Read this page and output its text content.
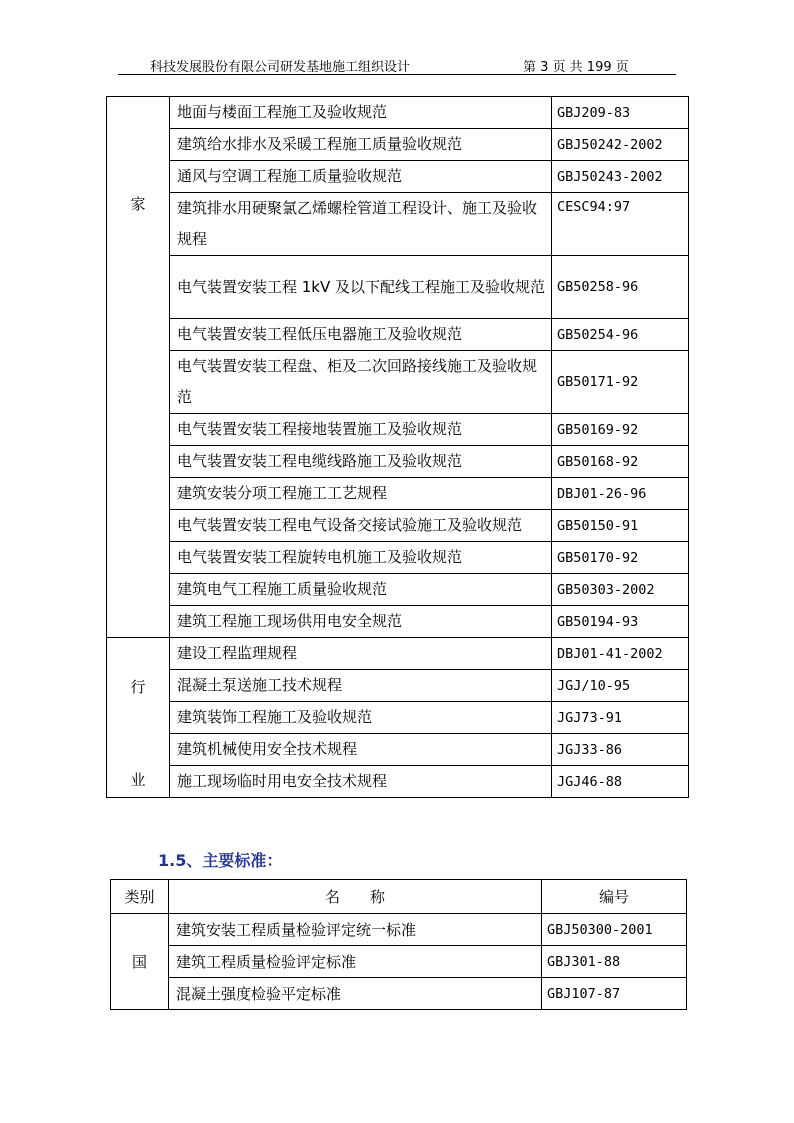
科技发展股份有限公司研发基地施工组织设计	第 3 页 共 199 页
家	地面与楼面工程施工及验收规范	GBJ209-83
	建筑给水排水及采暖工程施工质量验收规范	GBJ50242-2002
	通风与空调工程施工质量验收规范	GBJ50243-2002
	建筑排水用硬聚氯乙烯螺栓管道工程设计、施工及验收规程	CESC94:97
	电气装置安装工程 1kV 及以下配线工程施工及验收规范	GB50258-96
	电气装置安装工程低压电器施工及验收规范	GB50254-96
	电气装置安装工程盘、柜及二次回路接线施工及验收规范	GB50171-92
	电气装置安装工程接地装置施工及验收规范	GB50169-92
	电气装置安装工程电缆线路施工及验收规范	GB50168-92
	建筑安装分项工程施工工艺规程	DBJ01-26-96
	电气装置安装工程电气设备交接试验施工及验收规范	GB50150-91
	电气装置安装工程旋转电机施工及验收规范	GB50170-92
	建筑电气工程施工质量验收规范	GB50303-2002
	建筑工程施工现场供用电安全规范	GB50194-93

行
业	建设工程监理规程	DBJ01-41-2002
	混凝土泵送施工技术规程	JGJ/10-95
	建筑装饰工程施工及验收规范	JGJ73-91
	建筑机械使用安全技术规程	JGJ33-86
	施工现场临时用电安全技术规程	JGJ46-88
1.5、主要标准：
类别	名　　称	编号
国	建筑安装工程质量检验评定统一标准	GBJ50300-2001
	建筑工程质量检验评定标准	GBJ301-88
	混凝土强度检验平定标准	GBJ107-87
